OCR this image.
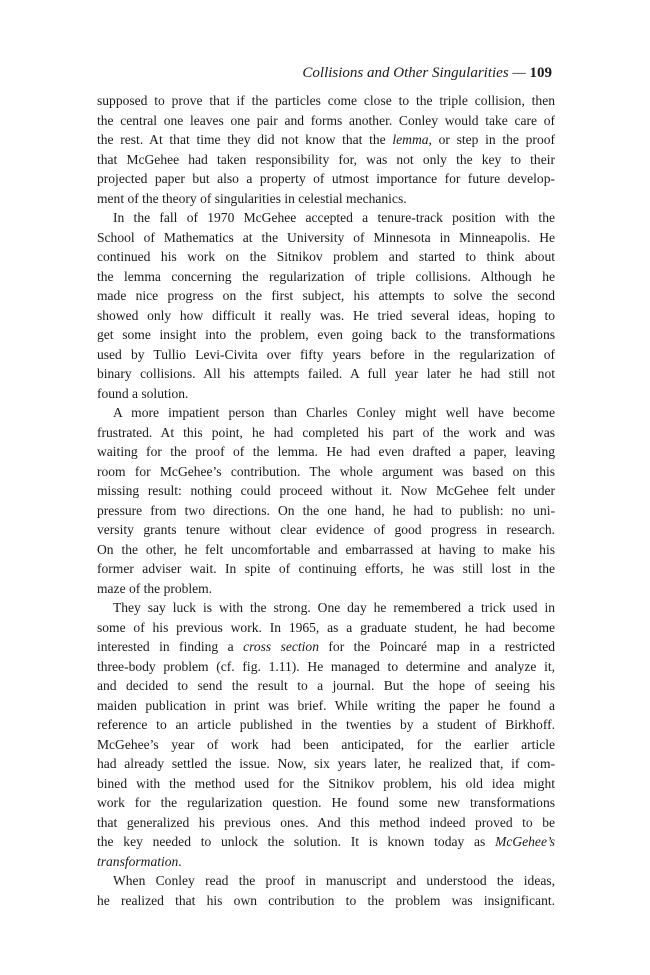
Collisions and Other Singularities — 109
supposed to prove that if the particles come close to the triple collision, then
the central one leaves one pair and forms another. Conley would take care of
the rest. At that time they did not know that the lemma, or step in the proof
that McGehee had taken responsibility for, was not only the key to their
projected paper but also a property of utmost importance for future develop-
ment of the theory of singularities in celestial mechanics.
In the fall of 1970 McGehee accepted a tenure-track position with the
School of Mathematics at the University of Minnesota in Minneapolis. He
continued his work on the Sitnikov problem and started to think about
the lemma concerning the regularization of triple collisions. Although he
made nice progress on the first subject, his attempts to solve the second
showed only how difficult it really was. He tried several ideas, hoping to
get some insight into the problem, even going back to the transformations
used by Tullio Levi-Civita over fifty years before in the regularization of
binary collisions. All his attempts failed. A full year later he had still not
found a solution.
A more impatient person than Charles Conley might well have become
frustrated. At this point, he had completed his part of the work and was
waiting for the proof of the lemma. He had even drafted a paper, leaving
room for McGehee’s contribution. The whole argument was based on this
missing result: nothing could proceed without it. Now McGehee felt under
pressure from two directions. On the one hand, he had to publish: no uni-
versity grants tenure without clear evidence of good progress in research.
On the other, he felt uncomfortable and embarrassed at having to make his
former adviser wait. In spite of continuing efforts, he was still lost in the
maze of the problem.
They say luck is with the strong. One day he remembered a trick used in
some of his previous work. In 1965, as a graduate student, he had become
interested in finding a cross section for the Poincaré map in a restricted
three-body problem (cf. fig. 1.11). He managed to determine and analyze it,
and decided to send the result to a journal. But the hope of seeing his
maiden publication in print was brief. While writing the paper he found a
reference to an article published in the twenties by a student of Birkhoff.
McGehee’s year of work had been anticipated, for the earlier article
had already settled the issue. Now, six years later, he realized that, if com-
bined with the method used for the Sitnikov problem, his old idea might
work for the regularization question. He found some new transformations
that generalized his previous ones. And this method indeed proved to be
the key needed to unlock the solution. It is known today as McGehee’s
transformation.
When Conley read the proof in manuscript and understood the ideas,
he realized that his own contribution to the problem was insignificant.
